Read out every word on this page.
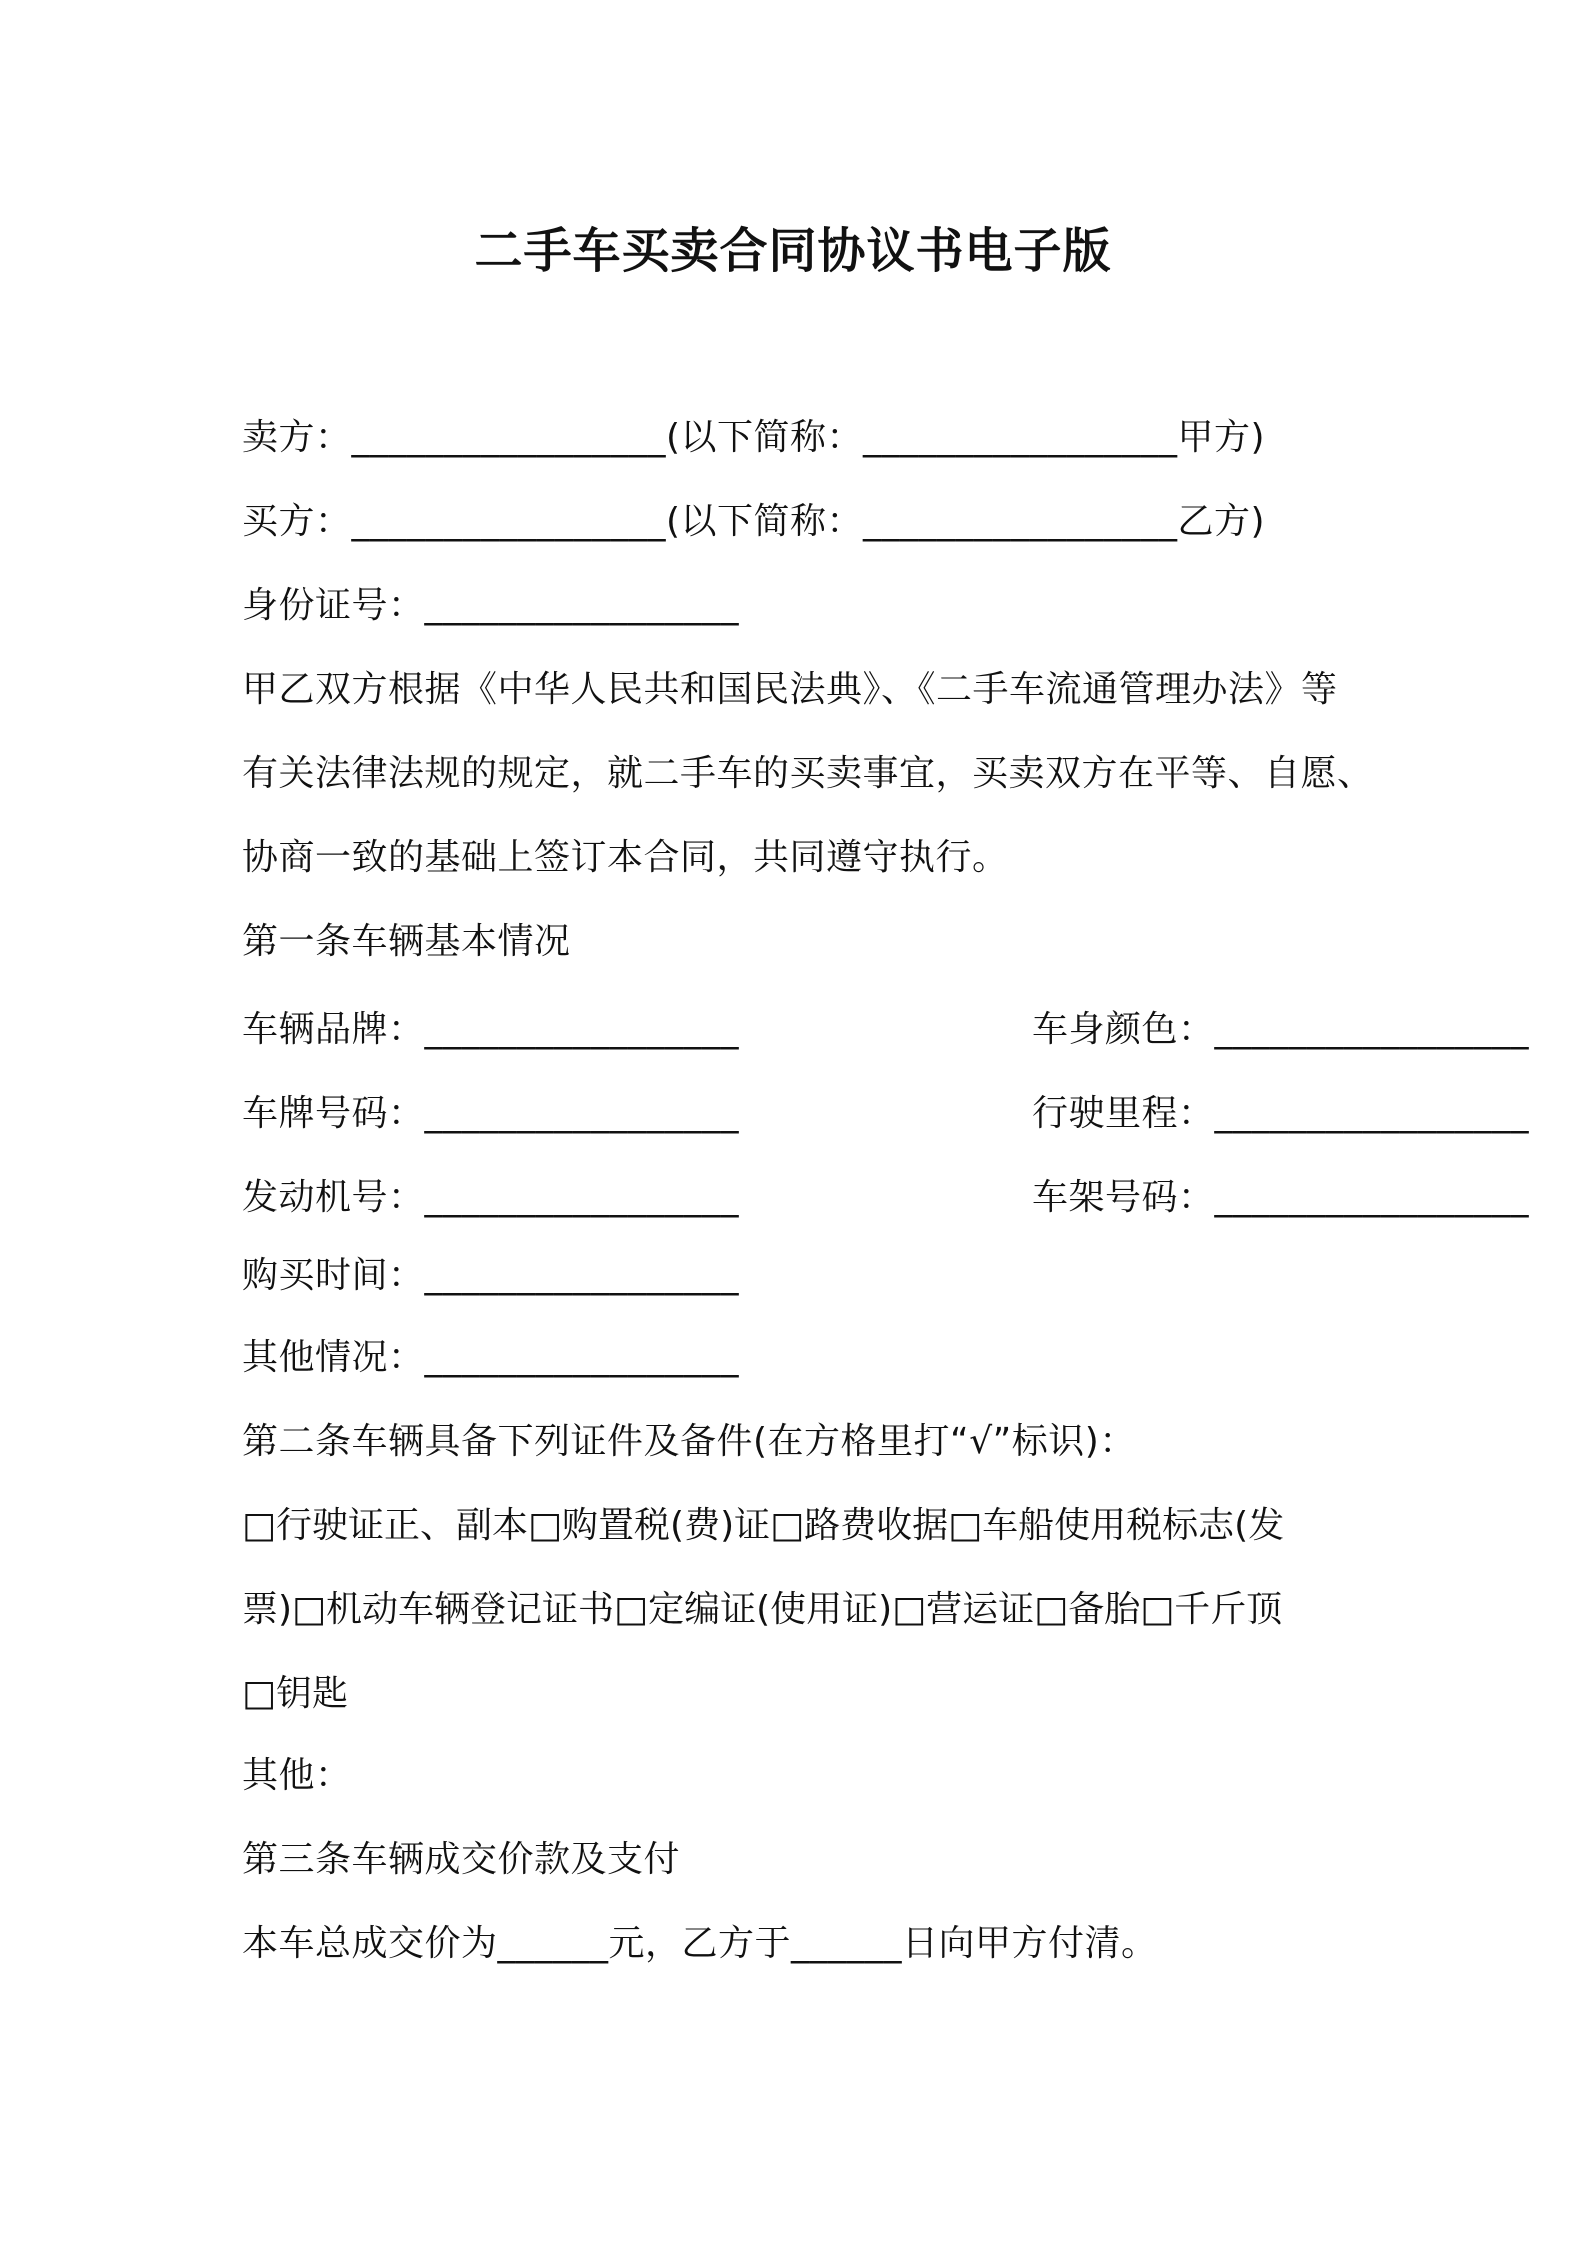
二手车买卖合同协议书电子版
卖方：_________________(以下简称：_________________甲方)
买方：_________________(以下简称：_________________乙方)
身份证号：_________________
甲乙双方根据《中华人民共和国民法典》、《二手车流通管理办法》等
有关法律法规的规定，就二手车的买卖事宜，买卖双方在平等、自愿、
协商一致的基础上签订本合同，共同遵守执行。
第一条车辆基本情况
车辆品牌：_________________	车身颜色：_________________
车牌号码：_________________	行驶里程：_________________
发动机号：_________________	车架号码：_________________
购买时间：_________________
其他情况：_________________
第二条车辆具备下列证件及备件(在方格里打“√”标识)：
□行驶证正、副本□购置税(费)证□路费收据□车船使用税标志(发
票)□机动车辆登记证书□定编证(使用证)□营运证□备胎□千斤顶
□钥匙
其他：
第三条车辆成交价款及支付
本车总成交价为______元，乙方于______日向甲方付清。
